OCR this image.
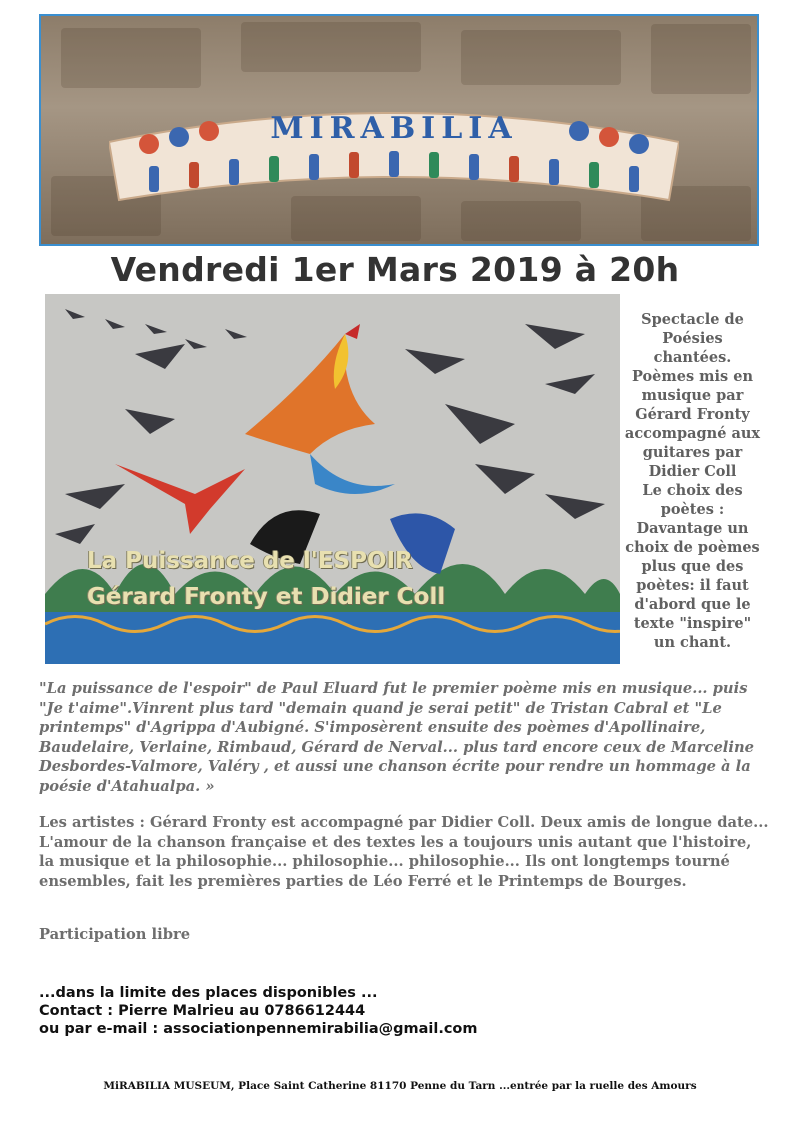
MIRABILIA
Vendredi 1er Mars 2019 à 20h
La Puissance de l'ESPOIR
Gérard Fronty et Didier Coll

Spectacle de

Poésies

chantées.

Poèmes mis en

musique par

Gérard Fronty

accompagné aux

guitares par

Didier Coll

Le choix des

poètes :

Davantage un

choix de poèmes

plus que des

poètes: il faut

d'abord que le

texte "inspire"

un chant.

"La puissance de l'espoir" de Paul Eluard fut le premier poème mis en musique... puis "Je t'aime".Vinrent plus tard "demain quand je serai petit" de Tristan Cabral et "Le printemps" d'Agrippa d'Aubigné. S'imposèrent ensuite des poèmes d'Apollinaire, Baudelaire, Verlaine, Rimbaud, Gérard de Nerval... plus tard encore ceux de Marceline Desbordes-Valmore, Valéry , et aussi une chanson écrite pour rendre un hommage à la poésie d'Atahualpa. »

Les artistes : Gérard Fronty est accompagné par Didier Coll. Deux amis de longue date... L'amour de la chanson française et des textes les a toujours unis autant que l'histoire, la musique et la philosophie... philosophie... philosophie... Ils ont longtemps tourné ensembles, fait les premières parties de Léo Ferré et le Printemps de Bourges.

Participation libre

...dans la limite des places disponibles ...
Contact : Pierre Malrieu au 0786612444
ou par e-mail : associationpennemirabilia@gmail.com
MiRABILIA MUSEUM, Place Saint Catherine 81170 Penne du Tarn ...entrée par la ruelle des Amours
